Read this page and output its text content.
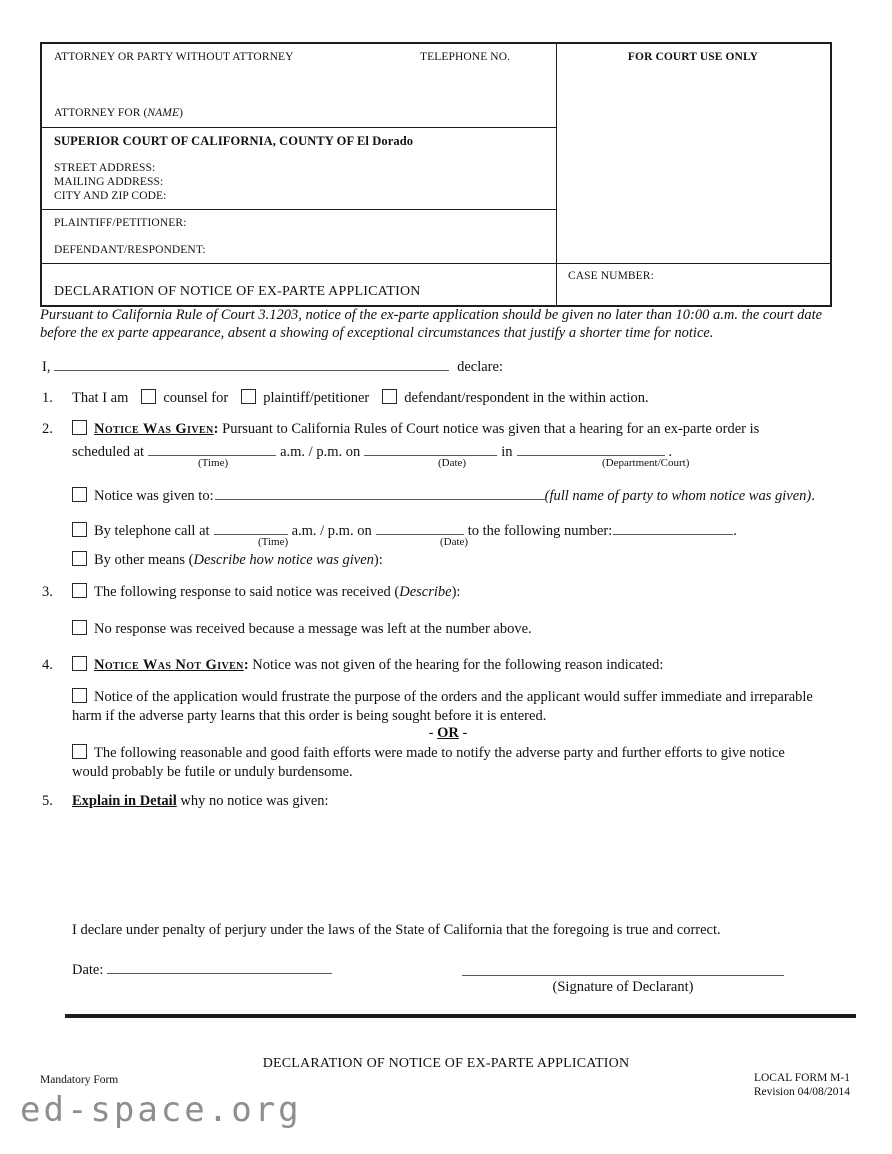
ATTORNEY OR PARTY WITHOUT ATTORNEY	TELEPHONE NO.	FOR COURT USE ONLY
ATTORNEY FOR (NAME)
SUPERIOR COURT OF CALIFORNIA, COUNTY OF El Dorado
STREET ADDRESS:
MAILING ADDRESS:
CITY AND ZIP CODE:
PLAINTIFF/PETITIONER:
DEFENDANT/RESPONDENT:
CASE NUMBER:
DECLARATION OF NOTICE OF EX-PARTE APPLICATION
Pursuant to California Rule of Court 3.1203, notice of the ex-parte application should be given no later than 10:00 a.m. the court date before the ex parte appearance, absent a showing of exceptional circumstances that justify a shorter time for notice.
I,	declare:
1. That I am counsel for plaintiff/petitioner defendant/respondent in the within action.
2.	Notice Was Given: Pursuant to California Rules of Court notice was given that a hearing for an ex-parte order is
scheduled at	a.m. / p.m. on	in	.
(Time)	(Date)	(Department/Court)
Notice was given to:	(full name of party to whom notice was given).
By telephone call at	a.m. / p.m. on	to the following number:	.
(Time)	(Date)
By other means (Describe how notice was given):
3.	The following response to said notice was received (Describe):
No response was received because a message was left at the number above.
4.	Notice Was Not Given: Notice was not given of the hearing for the following reason indicated:
Notice of the application would frustrate the purpose of the orders and the applicant would suffer immediate and irreparable harm if the adverse party learns that this order is being sought before it is entered.
- OR -
The following reasonable and good faith efforts were made to notify the adverse party and further efforts to give notice would probably be futile or unduly burdensome.
5. Explain in Detail why no notice was given:
I declare under penalty of perjury under the laws of the State of California that the foregoing is true and correct.
Date:
(Signature of Declarant)
DECLARATION OF NOTICE OF EX-PARTE APPLICATION
Mandatory Form	LOCAL FORM M-1
Revision 04/08/2014
ed-space.org
